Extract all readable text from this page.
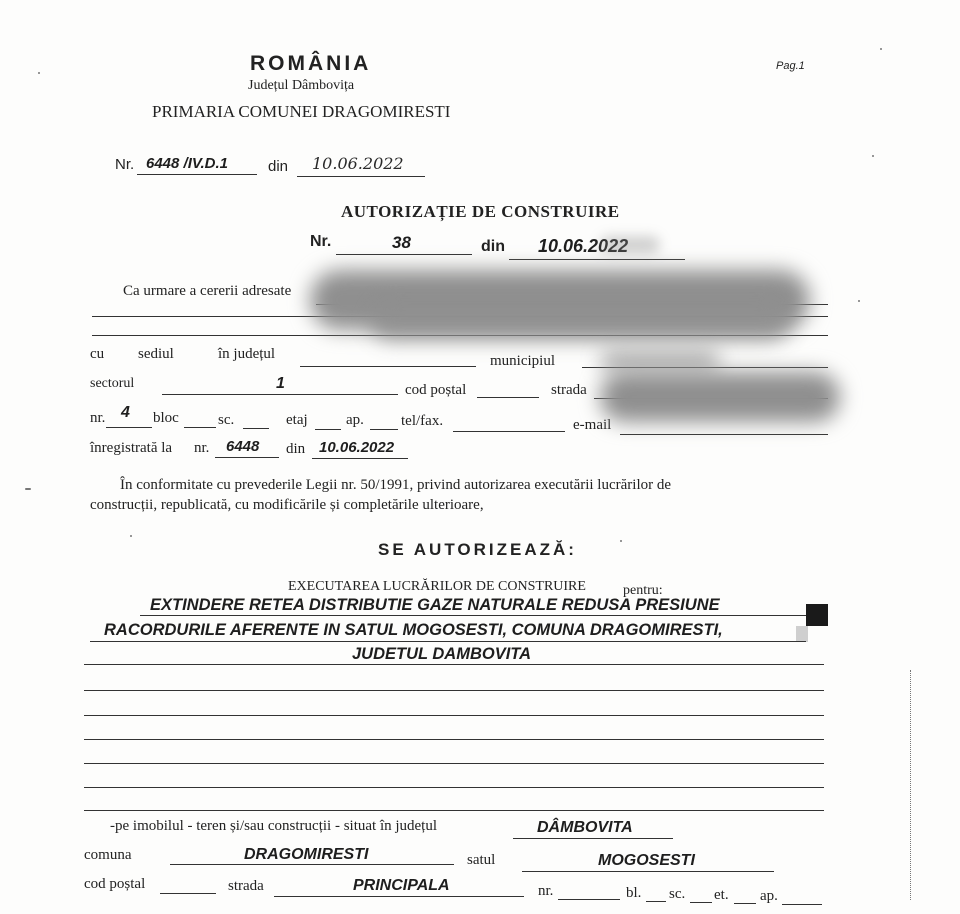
ROMÂNIA
Județul Dâmbovița
PRIMARIA COMUNEI DRAGOMIRESTI
Pag.1
Nr. 6448 /IV.D.1	din 10.06.2022
AUTORIZAȚIE DE CONSTRUIRE
Nr.	38	din 10.06.2022
Ca urmare a cererii adresate
cu sediul	în județul	municipiul
sectorul	1	cod poștal	strada
nr. 4 bloc	sc.	etaj	ap. tel/fax.	e-mail
înregistrată la nr. 6448 din 10.06.2022
În conformitate cu prevederile Legii nr. 50/1991, privind autorizarea executării lucrărilor de
construcții, republicată, cu modificările și completările ulterioare,
SE AUTORIZEAZĂ:
EXECUTAREA LUCRĂRILOR DE CONSTRUIRE	pentru:
EXTINDERE RETEA DISTRIBUTIE GAZE NATURALE REDUSA PRESIUNE
RACORDURILE AFERENTE IN SATUL MOGOSESTI, COMUNA DRAGOMIRESTI,
JUDETUL DAMBOVITA
-pe imobilul - teren și/sau construcții - situat în județul	DÂMBOVITA
comuna	DRAGOMIRESTI	satul	MOGOSESTI
cod poștal	strada	PRINCIPALA	nr.	bl. sc. et. ap.
